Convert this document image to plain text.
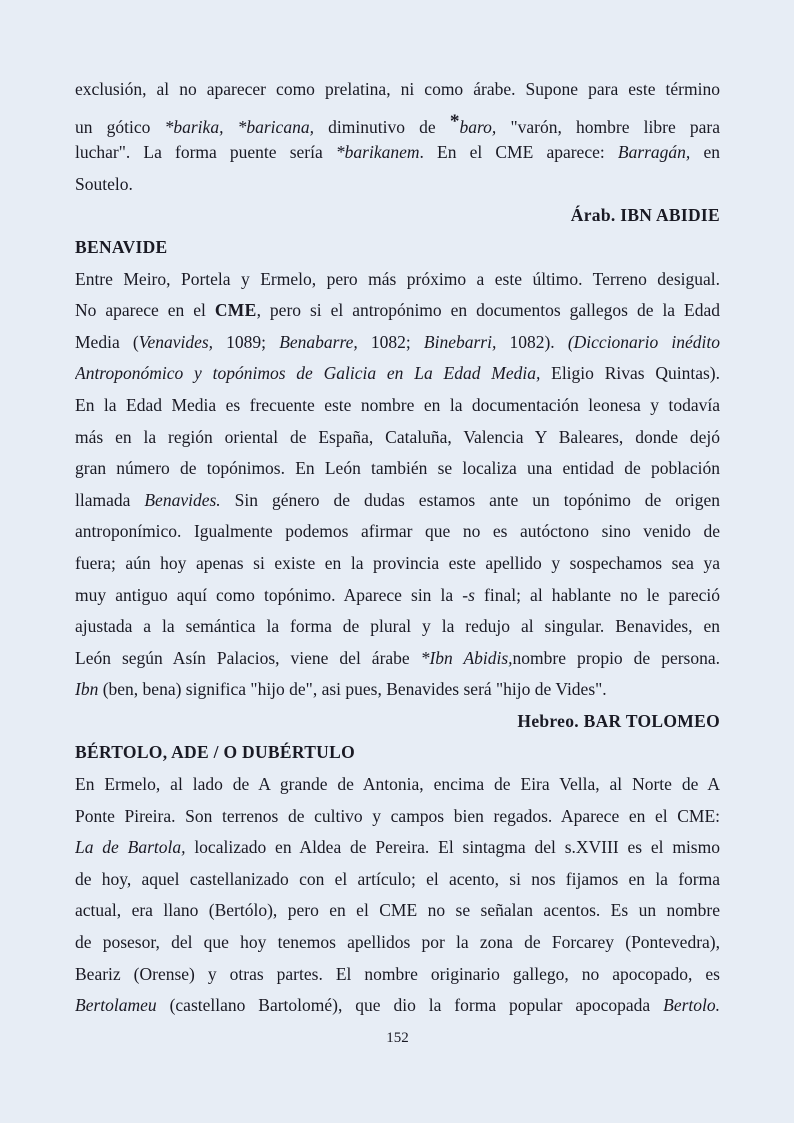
exclusión, al no aparecer como prelatina, ni como árabe. Supone para este término
un gótico *barika, *baricana, diminutivo de *baro, "varón, hombre libre para
luchar". La forma puente sería *barikanem. En el CME aparece: Barragán, en
Soutelo.
Árab. IBN ABIDIE
BENAVIDE
Entre Meiro, Portela y Ermelo, pero más próximo a este último. Terreno desigual.
No aparece en el CME, pero si el antropónimo en documentos gallegos de la Edad
Media (Venavides, 1089; Benabarre, 1082; Binebarri, 1082). (Diccionario inédito
Antroponómico y topónimos de Galicia en La Edad Media, Eligio Rivas Quintas).
En la Edad Media es frecuente este nombre en la documentación leonesa y todavía
más en la región oriental de España, Cataluña, Valencia Y Baleares, donde dejó
gran número de topónimos. En León también se localiza una entidad de población
llamada Benavides. Sin género de dudas estamos ante un topónimo de origen
antroponímico. Igualmente podemos afirmar que no es autóctono sino venido de
fuera; aún hoy apenas si existe en la provincia este apellido y sospechamos sea ya
muy antiguo aquí como topónimo. Aparece sin la -s final; al hablante no le pareció
ajustada a la semántica la forma de plural y la redujo al singular. Benavides, en
León según Asín Palacios, viene del árabe *Ibn Abidis,nombre propio de persona.
Ibn (ben, bena) significa "hijo de", asi pues, Benavides será "hijo de Vides".
Hebreo. BAR TOLOMEO
BÉRTOLO, ADE / O DUBÉRTULO
En Ermelo, al lado de A grande de Antonia, encima de Eira Vella, al Norte de A
Ponte Pireira. Son terrenos de cultivo y campos bien regados. Aparece en el CME:
La de Bartola, localizado en Aldea de Pereira. El sintagma del s.XVIII es el mismo
de hoy, aquel castellanizado con el artículo; el acento, si nos fijamos en la forma
actual, era llano (Bertólo), pero en el CME no se señalan acentos. Es un nombre
de posesor, del que hoy tenemos apellidos por la zona de Forcarey (Pontevedra),
Beariz (Orense) y otras partes. El nombre originario gallego, no apocopado, es
Bertolameu (castellano Bartolomé), que dio la forma popular apocopada Bertolo.
152
